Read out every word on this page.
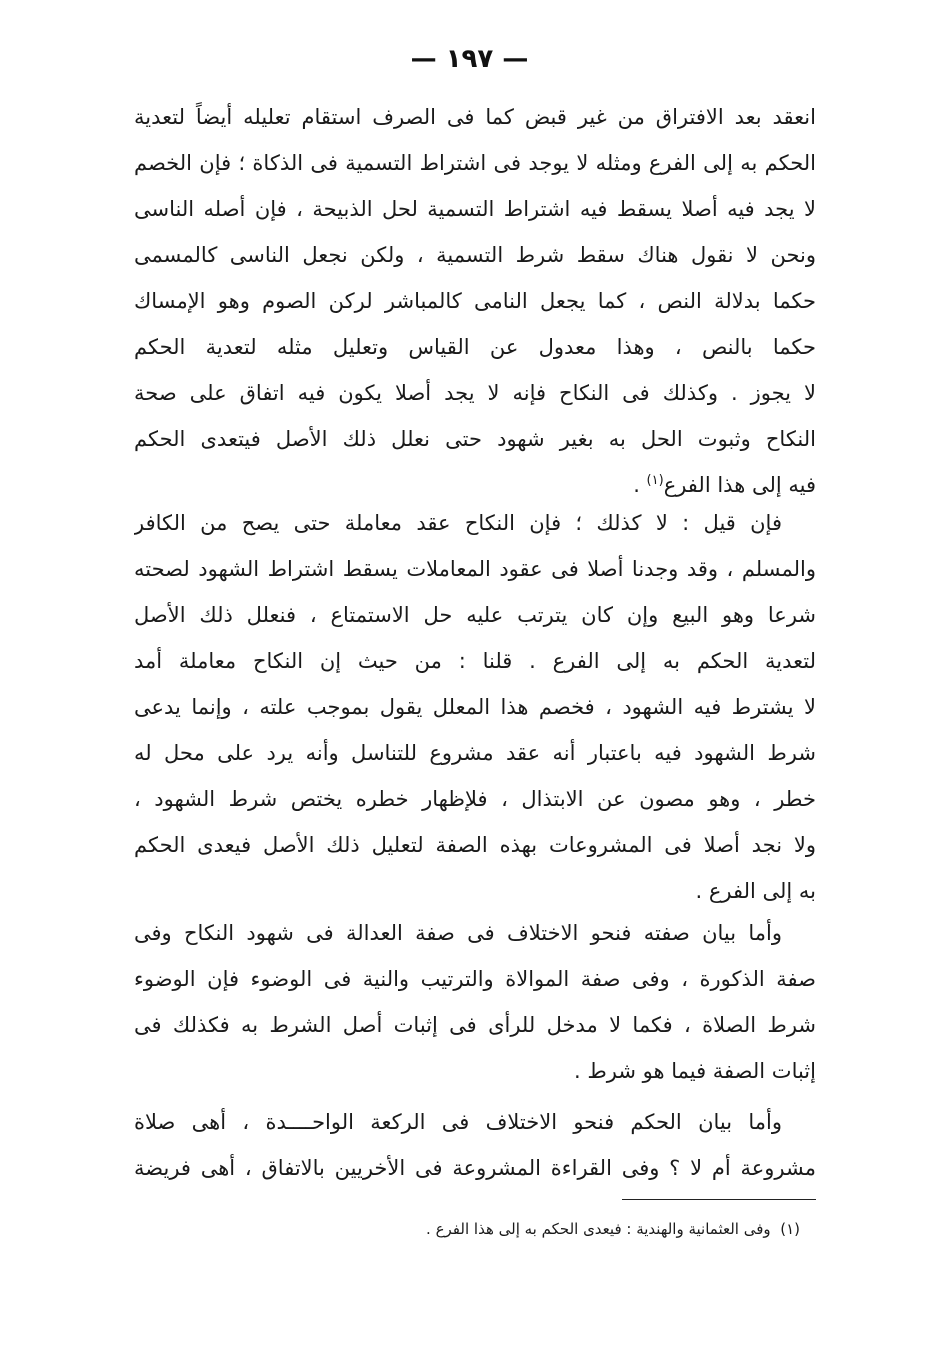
— ١٩٧ —
انعقد بعد الافتراق من غير قبض كما فى الصرف استقام تعليله أيضاً لتعدية
الحكم به إلى الفرع ومثله لا يوجد فى اشتراط التسمية فى الذكاة ؛ فإن الخصم
لا يجد فيه أصلا يسقط فيه اشتراط التسمية لحل الذبيحة ، فإن أصله الناسى
ونحن لا نقول هناك سقط شرط التسمية ، ولكن نجعل الناسى كالمسمى
حكما بدلالة النص ، كما يجعل النامى كالمباشر لركن الصوم وهو الإمساك
حكما بالنص ، وهذا معدول عن القياس وتعليل مثله لتعدية الحكم
لا يجوز . وكذلك فى النكاح فإنه لا يجد أصلا يكون فيه اتفاق على صحة
النكاح وثبوت الحل به بغير شهود حتى نعلل ذلك الأصل فيتعدى الحكم
فيه إلى هذا الفرع$^{(١)}$ .
فإن قيل : لا كذلك ؛ فإن النكاح عقد معاملة حتى يصح من الكافر
والمسلم ، وقد وجدنا أصلا فى عقود المعاملات يسقط اشتراط الشهود لصحته
شرعا وهو البيع وإن كان يترتب عليه حل الاستمتاع ، فنعلل ذلك الأصل
لتعدية الحكم به إلى الفرع . قلنا : من حيث إن النكاح معاملة أمد
لا يشترط فيه الشهود ، فخصم هذا المعلل يقول بموجب علته ، وإنما يدعى
شرط الشهود فيه باعتبار أنه عقد مشروع للتناسل وأنه يرد على محل له
خطر ، وهو مصون عن الابتذال ، فلإظهار خطره يختص شرط الشهود ،
ولا نجد أصلا فى المشروعات بهذه الصفة لتعليل ذلك الأصل فيعدى الحكم
به إلى الفرع .
وأما بيان صفته فنحو الاختلاف فى صفة العدالة فى شهود النكاح وفى
صفة الذكورة ، وفى صفة الموالاة والترتيب والنية فى الوضوء فإن الوضوء
شرط الصلاة ، فكما لا مدخل للرأى فى إثبات أصل الشرط به فكذلك فى
إثبات الصفة فيما هو شرط .
وأما بيان الحكم فنحو الاختلاف فى الركعة الواحــــدة ، أهى صلاة
مشروعة أم لا ؟ وفى القراءة المشروعة فى الأخريين بالاتفاق ، أهى فريضة
(١)  وفى العثمانية والهندية : فيعدى الحكم به إلى هذا الفرع .
